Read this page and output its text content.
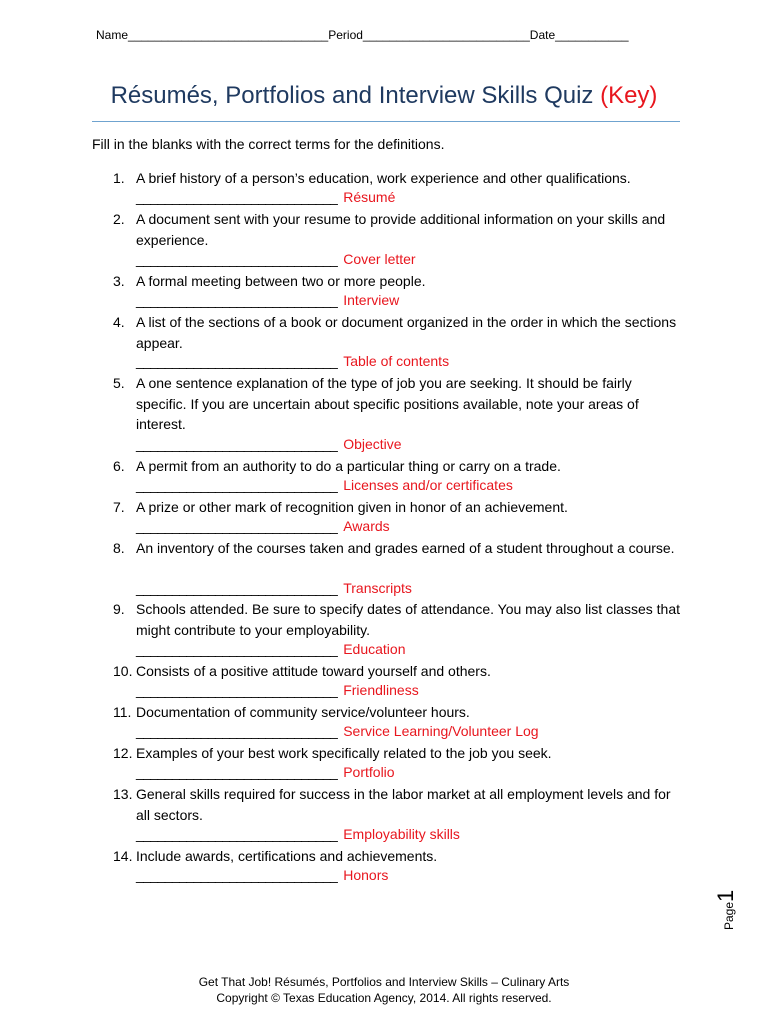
Name______________________________Period_________________________Date___________
Résumés, Portfolios and Interview Skills Quiz (Key)
Fill in the blanks with the correct terms for the definitions.
1. A brief history of a person’s education, work experience and other qualifications.
____________________________ Résumé
2. A document sent with your resume to provide additional information on your skills and experience.
____________________________ Cover letter
3. A formal meeting between two or more people.
____________________________ Interview
4. A list of the sections of a book or document organized in the order in which the sections appear.
____________________________ Table of contents
5. A one sentence explanation of the type of job you are seeking. It should be fairly specific. If you are uncertain about specific positions available, note your areas of interest.
____________________________ Objective
6. A permit from an authority to do a particular thing or carry on a trade.
____________________________ Licenses and/or certificates
7. A prize or other mark of recognition given in honor of an achievement.
____________________________ Awards
8. An inventory of the courses taken and grades earned of a student throughout a course.
____________________________ Transcripts
9. Schools attended. Be sure to specify dates of attendance. You may also list classes that might contribute to your employability.
____________________________ Education
10. Consists of a positive attitude toward yourself and others.
____________________________ Friendliness
11. Documentation of community service/volunteer hours.
____________________________ Service Learning/Volunteer Log
12. Examples of your best work specifically related to the job you seek.
____________________________ Portfolio
13. General skills required for success in the labor market at all employment levels and for all sectors.
____________________________ Employability skills
14. Include awards, certifications and achievements.
____________________________ Honors
Page1
Get That Job! Résumés, Portfolios and Interview Skills – Culinary Arts
Copyright © Texas Education Agency, 2014. All rights reserved.
